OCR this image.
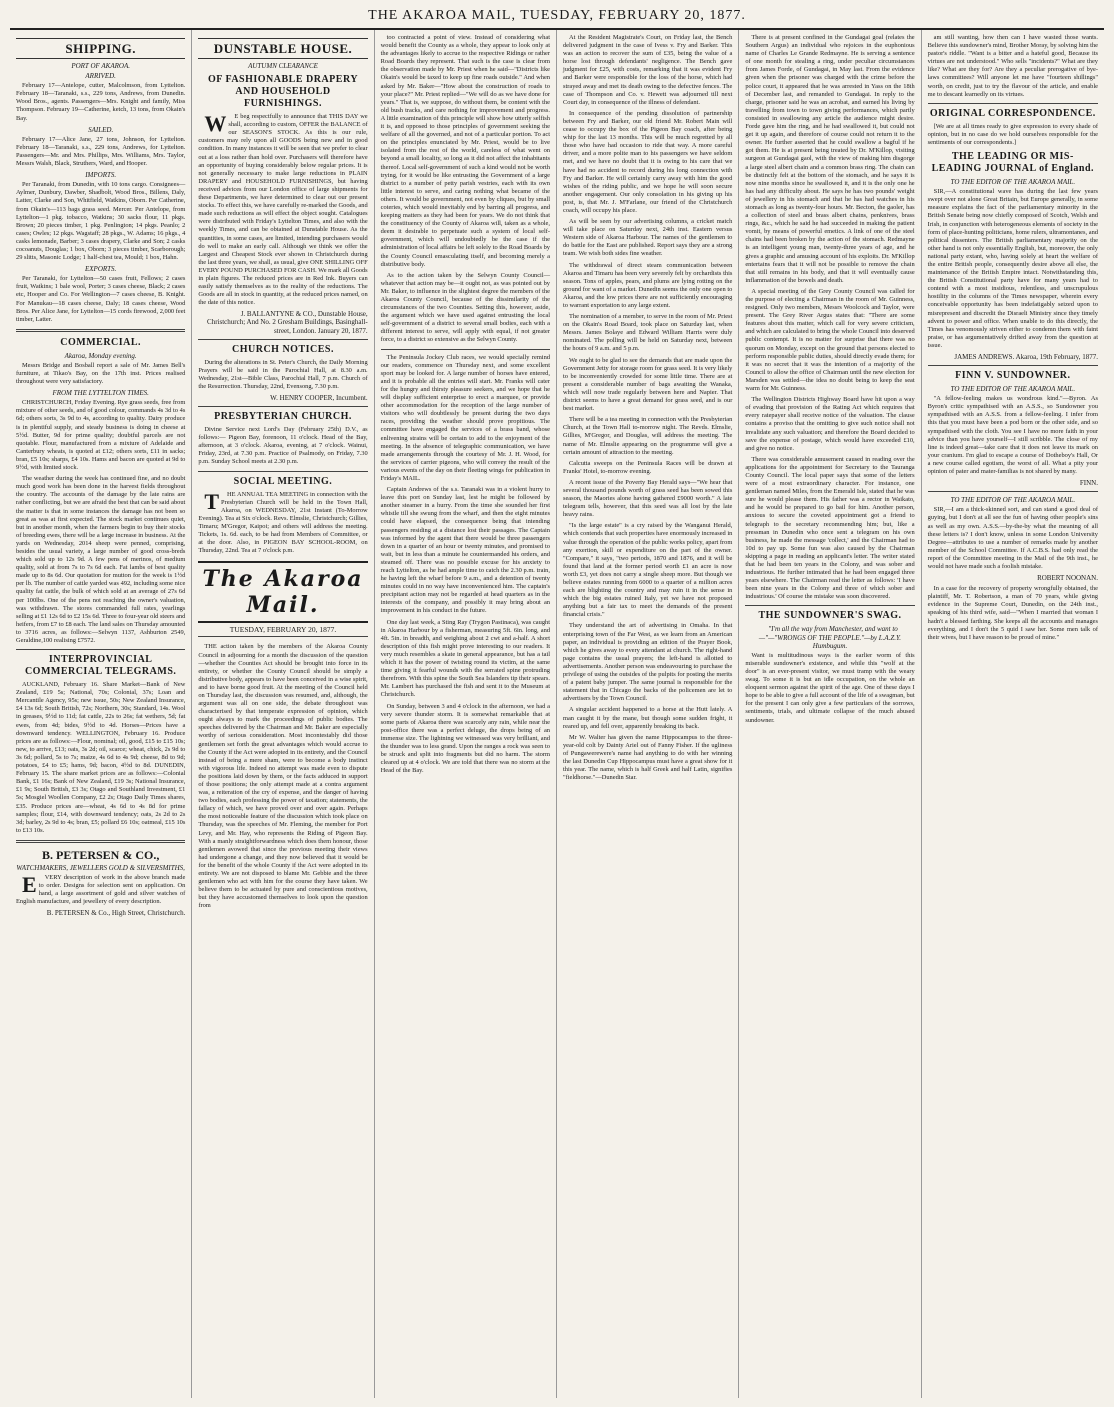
THE AKAROA MAIL, TUESDAY, FEBRUARY 20, 1877.
SHIPPING.
PORT OF AKAROA.
ARRIVED.

February 17—Antelope, cutter, Malcolmson, from Lyttelton. February 18—Taranaki, s.s., 229 tons, Andrews, from Dunedin. Wood Bros., agents. Passengers—Mrs. Knight and family, Miss Thompson. February 19—Catherine, ketch, 13 tons, from Okain's Bay.

SAILED.

February 17—Alice Jane, 27 tons, Johnson, for Lyttelton. February 18—Taranaki, s.s., 229 tons, Andrews, for Lyttelton. Passengers—Mr. and Mrs. Phillips, Mrs. Williams, Mrs. Taylor, Messrs Walsh, Black, Struthers, Ward, and Hooper.

IMPORTS.

Per Taranaki, from Dunedin, with 10 tons cargo. Consignees—Aylmer, Dunbury, Dawber, Shadbolt, Wood Bros., Billens, Daly, Latter, Clarke and Son, Whitfield, Watkins, Oborn. Per Catherine, from Okain's—113 bags grass seed. Mercer. Per Antelope, from Lyttelton—1 pkg. tobacco, Watkins; 30 sacks flour, 11 pkgs. Brown; 20 pieces timber, 1 pkg. Penlington; 14 pkgs. Peanlo; 2 cases; Owles; 12 pkgs. Wagstaff; 28 pkgs., W. Adams; 16 pkgs., 4 casks lemonade, Barber; 3 cases drapery, Clarke and Son; 2 casks cocoanuts, Douglas; 1 box, Oborn; 3 pieces timber, Scarborough; 29 slitts, Masonic Lodge; 1 half-chest tea, Mould; 1 box, Hahn.

EXPORTS.

Per Taranaki, for Lyttelton—50 cases fruit, Fellows; 2 cases fruit, Watkins; 1 bale wool, Porter; 3 cases cheese, Black; 2 cases etc, Hooper and Co. For Wellington—7 cases cheese, B. Knight. For Manukau—18 cases cheese, Daly; 18 cases cheese, Wood Bros. Per Alice Jane, for Lyttelton—15 cords firewood, 2,000 feet timber, Latter.

COMMERCIAL.
Akaroa, Monday evening.

Messrs Bridge and Bosball report a sale of Mr. James Bell's furniture, at Tikao's Bay, on the 17th inst. Prices realised throughout were very satisfactory.

FROM THE LYTTELTON TIMES.

CHRISTCHURCH, Friday Evening. Rye grass seeds, free from mixture of other seeds, and of good colour, commands 4s 3d to 4s 6d; others sorts, 3s 9d to 4s, according to quality. Dairy produce is in plentiful supply, and steady business is doing in cheese at 5½d. Butter, 9d for prime quality; doubtful parcels are not quotable. Flour, manufactured from a mixture of Adelaide and Canterbury wheats, is quoted at £12; others sorts, £11 in sacks; bran, £5 10s; sharps, £4 10s. Hams and bacon are quoted at 9d to 9½d, with limited stock.

The weather during the week has continued fine, and no doubt much good work has been done in the harvest fields throughout the country. The accounts of the damage by the late rains are rather conflicting, but we are afraid the best that can be said about the matter is that in some instances the damage has not been so great as was at first expected. The stock market continues quiet, but in another month, when the farmers begin to buy their stocks of breeding ewes, there will be a large increase in business. At the yards on Wednesday, 2014 sheep were penned, comprising, besides the usual variety, a large number of good cross-breds which sold up to 12s 9d. A few pens of merinos, of medium quality, sold at from 7s to 7s 6d each. Fat lambs of best quality made up to 8s 6d. Our quotation for mutton for the week is 1½d per lb. The number of cattle yarded was 492, including some nice quality fat cattle, the bulk of which sold at an average of 27s 6d per 100lbs. One of the pens not reaching the owner's valuation, was withdrawn. The stores commanded full rates, yearlings selling at £1 12s 6d to £2 15s 6d. Three to four-year old steers and heifers, from £7 to £8 each. The land sales on Thursday amounted to 3716 acres, as follows:—Selwyn 1137, Ashburton 2549, Geraldine,100 realising £7572.

INTERPROVINCIAL COMMERCIAL TELEGRAMS.

AUCKLAND, February 16. Share Market—Bank of New Zealand, £19 5s; National, 70s; Colonial, 37s; Loan and Mercantile Agency, 95s; new issue, 50s; New Zealand Insurance, £4 13s 6d; South British, 72s; Northern, 30s; Standard, 14s. Wool in greases, 9½d to 11d; fat cattle, 22s to 26s; fat wethers, 5d; fat ewes, from 4d; bides, 9½d to 4d. Horses—Prices have a downward tendency. WELLINGTON, February 16. Produce prices are as follows:—Flour, nominal; oil, good, £15 to £15 10s; new, to arrive, £13; oats, 3s 2d; oil, scarce; wheat, chick, 2s 9d to 3s 6d; pollard, 5s to 7s; maize, 4s 6d to 4s 9d; cheese, 8d to 9d; potatoes, £4 to £5; hams, 9d; bacon, 4½d to 8d. DUNEDIN, February 15. The share market prices are as follows:—Colonial Bank, £1 16s; Bank of New Zealand, £19 3s; National Insurance, £1 9s; South British, £3 3s; Otago and Southland Investment, £1 5s; Mosgiel Woollen Company, £2 2s; Otago Daily Times shares, £35. Produce prices are—wheat, 4s 6d to 4s 8d for prime samples; flour, £14, with downward tendency; oats, 2s 2d to 2s 3d; barley, 2s 9d to 4s; bran, £5; pollard £6 10s; oatmeal, £15 10s to £13 10s.

B. PETERSEN & CO.,
WATCHMAKERS, JEWELLERS GOLD & SILVERSMITHS,

E VERY description of work in the above branch made to order. Designs for selection sent on application. On hand, a large assortment of gold and silver watches of English manufacture, and jewellery of every description.

B. PETERSEN & Co., High Street, Christchurch.

DUNSTABLE HOUSE.
AUTUMN CLEARANCE
OF FASHIONABLE DRAPERY AND HOUSEHOLD FURNISHINGS.

W E beg respectfully to announce that THIS DAY we shall, according to custom, OFFER the BALANCE of our SEASON'S STOCK. As this is our rule, customers may rely upon all GOODS being new and in good condition. In many instances it will be seen that we prefer to clear out at a loss rather than hold over. Purchasers will therefore have an opportunity of buying considerably below regular prices. It is not generally necessary to make large reductions in PLAIN DRAPERY and HOUSEHOLD FURNISHINGS, but having received advices from our London office of large shipments for these Departments, we have determined to clear out our present stocks. To effect this, we have carefully re-marked the Goods, and made such reductions as will effect the object sought. Catalogues were distributed with Friday's Lyttelton Times, and also with the weekly Times, and can be obtained at Dunstable House. As the quantities, in some cases, are limited, intending purchasers would do well to make an early call. Although we think we offer the Largest and Cheapest Stock ever shown in Christchurch during the last three years, we shall, as usual, give ONE SHILLING OFF EVERY POUND PURCHASED FOR CASH. We mark all Goods in plain figures. The reduced prices are in Red Ink. Buyers can easily satisfy themselves as to the reality of the reductions. The Goods are all in stock in quantity, at the reduced prices named, on the date of this notice.

J. BALLANTYNE & CO., Dunstable House, Christchurch; And No. 2 Gresham Buildings, Basinghall-street, London. January 20, 1877.

CHURCH NOTICES.

During the alterations in St. Peter's Church, the Daily Morning Prayers will be said in the Parochial Hall, at 8.30 a.m. Wednesday, 21st—Bible Class, Parochial Hall, 7 p.m. Church of the Resurrection. Thursday, 22nd, Evensong, 7.30 p.m.

W. HENRY COOPER, Incumbent.

PRESBYTERIAN CHURCH.

Divine Service next Lord's Day (February 25th) D.V., as follows:— Pigeon Bay, forenoon, 11 o'clock. Head of the Bay, afternoon, at 3 o'clock. Akaroa, evening, at 7 o'clock. Wainui, Friday, 23rd, at 7.30 p.m. Practice of Psalmody, on Friday, 7.30 p.m. Sunday School meets at 2.30 p.m.

SOCIAL MEETING.

T HE ANNUAL TEA MEETING in connection with the Presbyterian Church will be held in the Town Hall, Akaroa, on WEDNESDAY, 21st Instant (To-Morrow Evening). Tea at Six o'clock. Revs. Elmslie, Christchurch; Gillies, Timaru; M'Gregor, Kaipoi; and others will address the meeting. Tickets, 1s. 6d. each, to be had from Members of Committee, or at the door. Also, in PIGEON BAY SCHOOL-ROOM, on Thursday, 22nd. Tea at 7 o'clock p.m.

The Akaroa Mail.
TUESDAY, FEBRUARY 20, 1877.

THE action taken by the members of the Akaroa County Council in adjourning for a month the discussion of the question—whether the Counties Act should be brought into force in its entirety, or whether the County Council should be simply a distributive body, appears to have been conceived in a wise spirit, and to have borne good fruit. At the meeting of the Council held on Thursday last, the discussion was resumed, and, although, the argument was all on one side, the debate throughout was characterised by that temperate expression of opinion, which ought always to mark the proceedings of public bodies. The speeches delivered by the Chairman and Mr. Baker are especially worthy of serious consideration. Most incontestably did those gentlemen set forth the great advantages which would accrue to the County if the Act were adopted in its entirety, and the Council instead of being a mere sham, were to become a body instinct with vigorous life. Indeed no attempt was made even to dispute the positions laid down by them, or the facts adduced in support of those positions; the only attempt made at a contra argument was, a reiteration of the cry of expense, and the danger of having two bodies, each professing the power of taxation; statements, the fallacy of which, we have proved over and over again. Perhaps the most noticeable feature of the discussion which took place on Thursday, was the speeches of Mr. Fleming, the member for Port Levy, and Mr. Hay, who represents the Riding of Pigeon Bay. With a manly straightforwardness which does them honour, those gentlemen avowed that since the previous meeting their views had undergone a change, and they now believed that it would be for the benefit of the whole County if the Act were adopted in its entirety. We are not disposed to blame Mr. Gebbie and the three gentlemen who act with him for the course they have taken. We believe them to be actuated by pure and conscientious motives, but they have accustomed themselves to look upon the question from

too contracted a point of view. Instead of considering what would benefit the County as a whole, they appear to look only at the advantages likely to accrue to the respective Ridings or rather Road Boards they represent. That such is the case is clear from the observation made by Mr. Priest when he said—"Districts like Okain's would be taxed to keep up fine roads outside." And when asked by Mr. Baker—"How about the construction of roads to your place?" Mr. Priest replied—"We will do as we have done for years." That is, we suppose, do without them, be content with the old bush tracks, and care nothing for improvement and progress. A little examination of this principle will show how utterly selfish it is, and opposed to those principles of government seeking the welfare of all the governed, and not of a particular portion. To act on the principles enunciated by Mr. Priest, would be to live isolated from the rest of the world, careless of what went on beyond a small locality, so long as it did not affect the inhabitants thereof. Local self-government of such a kind would not be worth trying, for it would be like entrusting the Government of a large district to a number of petty parish vestries, each with its own little interest to serve, and caring nothing what became of the others. It would be government, not even by cliques, but by small coteries, which would inevitably end by barring all progress, and keeping matters as they had been for years. We do not think that the constituency of the County of Akaroa will, taken as a whole, deem it desirable to perpetuate such a system of local self-government, which will undoubtedly be the case if the administration of local affairs be left solely to the Road Boards by the County Council emasculating itself, and becoming merely a distributive body.

As to the action taken by the Selwyn County Council—whatever that action may be—it ought not, as was pointed out by Mr. Baker, to influence in the slightest degree the members of the Akaroa County Council, because of the dissimilarity of the circumstances of the two Counties. Setting this, however, aside, the argument which we have used against entrusting the local self-government of a district to several small bodies, each with a different interest to serve, will apply with equal, if not greater force, to a district so extensive as the Selwyn County.

The Peninsula Jockey Club races, we would specially remind our readers, commence on Thursday next, and some excellent sport may be looked for. A large number of horses have entered, and it is probable all the entries will start. Mr. Franks will cater for the hungry and thirsty pleasure seekers, and we hope that he will display sufficient enterprise to erect a marquee, or provide other accommodation for the reception of the large number of visitors who will doubtlessly be present during the two days races, providing the weather should prove propitious. The committee have engaged the services of a brass band, whose enlivening strains will be certain to add to the enjoyment of the meeting. In the absence of telegraphic communication, we have made arrangements through the courtesy of Mr. J. H. Wood, for the services of carrier pigeons, who will convey the result of the various events of the day on their fleeting wings for publication in Friday's MAIL.

Captain Andrews of the s.s. Taranaki was in a violent hurry to leave this port on Sunday last, lest he might be followed by another steamer in a hurry. From the time she sounded her first whistle till she swung from the wharf, and then the eight minutes could have elapsed, the consequence being that intending passengers residing at a distance lost their passages. The Captain was informed by the agent that there would be three passengers down in a quarter of an hour or twenty minutes, and promised to wait, but in less than a minute he countermanded his orders, and steamed off. There was no possible excuse for his anxiety to reach Lyttelton, as he had ample time to catch the 2.30 p.m. train, he having left the wharf before 9 a.m., and a detention of twenty minutes could in no way have inconvenienced him. The captain's precipitant action may not be regarded at head quarters as in the interests of the company, and possibly it may bring about an improvement in his conduct in the future.

One day last week, a Sting Ray (Trygon Pastinaca), was caught in Akaroa Harbour by a fisherman, measuring 5ft. 6in. long, and 4ft. 5in. in breadth, and weighing about 2 cwt and a-half. A short description of this fish might prove interesting to our readers. It very much resembles a skate in general appearance, but has a tail which it has the power of twisting round its victim, at the same time giving it fearful wounds with the serrated spine protruding therefrom. With this spine the South Sea Islanders tip their spears. Mr. Lambert has purchased the fish and sent it to the Museum at Christchurch.

On Sunday, between 3 and 4 o'clock in the afternoon, we had a very severe thunder storm. It is somewhat remarkable that at some parts of Akaroa there was scarcely any rain, while near the post-office there was a perfect deluge, the drops being of an immense size. The lightning we witnessed was very brilliant, and the thunder was to less grand. Upon the ranges a rock was seen to be struck and split into fragments but did no harm. The storm cleared up at 4 o'clock. We are told that there was no storm at the Head of the Bay.

At the Resident Magistrate's Court, on Friday last, the Bench delivered judgment in the case of Ivess v. Fry and Barker. This was an action to recover the sum of £35, being the value of a horse lost through defendants' negligence. The Bench gave judgment for £25, with costs, remarking that it was evident Fry and Barker were responsible for the loss of the horse, which had strayed away and met its death owing to the defective fences. The case of Thompson and Co. v. Hewett was adjourned till next Court day, in consequence of the illness of defendant.

In consequence of the pending dissolution of partnership between Fry and Barker, our old friend Mr. Robert Main will cease to occupy the box of the Pigeon Bay coach, after being whip for the last 13 months. This will be much regretted by all those who have had occasion to ride that way. A more careful driver, and a more polite man to his passengers we have seldom met, and we have no doubt that it is owing to his care that we have had no accident to record during his long connection with Fry and Barker. He will certainly carry away with him the good wishes of the riding public, and we hope he will soon secure another engagement. Our only consolation in his giving up his post, is, that Mr. J. M'Farlane, our friend of the Christchurch coach, will occupy his place.

As will be seen by our advertising columns, a cricket match will take place on Saturday next, 24th inst. Eastern versus Western side of Akaroa Harbour. The names of the gentlemen to do battle for the East are published. Report says they are a strong team. We wish both sides fine weather.

The withdrawal of direct steam communication between Akaroa and Timaru has been very severely felt by orchardists this season. Tons of apples, pears, and plums are lying rotting on the ground for want of a market. Dunedin seems the only one open to Akaroa, and the low prices there are not sufficiently encouraging to warrant exportation to any large extent.

The nomination of a member, to serve in the room of Mr. Priest on the Okain's Road Board, took place on Saturday last, when Messrs. James Bolaye and Edward William Harris were duly nominated. The polling will be held on Saturday next, between the hours of 9 a.m. and 5 p.m.

We ought to be glad to see the demands that are made upon the Government Jetty for storage room for grass seed. It is very likely to be inconveniently crowded for some little time. There are at present a considerable number of bags awaiting the Wanaka, which will now trade regularly between here and Napier. That district seems to have a great demand for grass seed, and is our best market.

There will be a tea meeting in connection with the Presbyterian Church, at the Town Hall to-morrow night. The Revds. Elmslie, Gillies, M'Gregor, and Douglas, will address the meeting. The name of Mr. Elmslie appearing on the programme will give a certain amount of attraction to the meeting.

Calcutta sweeps on the Peninsula Races will be drawn at Franks' Hotel, to-morrow evening.

A recent issue of the Poverty Bay Herald says—"We hear that several thousand pounds worth of grass seed has been sowed this season, the Maories alone having gathered £9000 worth." A late telegram tells, however, that this seed was all lost by the late heavy rains.

"Is the large estate" is a cry raised by the Wanganui Herald, which contends that such properties have enormously increased in value through the operation of the public works policy, apart from any exertion, skill or expenditure on the part of the owner. "Compare," it says, "two periods, 1870 and 1876, and it will be found that land at the former period worth £1 an acre is now worth £3, yet does not carry a single sheep more. But though we believe estates running from 6000 to a quarter of a million acres each are blighting the country and may ruin it in the sense in which the big estates ruined Italy, yet we have not proposed anything but a fair tax to meet the demands of the present financial crisis."

They understand the art of advertising in Omaha. In that enterprising town of the Far West, as we learn from an American paper, an individual is providing an edition of the Prayer Book, which he gives away to every attendant at church. The right-hand page contains the usual prayers; the left-hand is allotted to advertisements. Another person was endeavouring to purchase the privilege of using the outsides of the pulpits for posting the merits of a patent baby jumper. The same journal is responsible for the statement that in Chicago the backs of the policemen are let to advertisers by the Town Council.

A singular accident happened to a horse at the Hutt lately. A man caught it by the mane, but though some sudden fright, it reared up, and fell over, apparently breaking its back.

Mr W. Walter has given the name Hippocampus to the three-year-old colt by Dainty Ariel out of Fanny Fisher. If the ugliness of Pungawerewere's name had anything to do with her winning the last Dunedin Cup Hippocampus must have a great show for it this year. The name, which is half Greek and half Latin, signifies "fieldhorse."—Dunedin Star.

There is at present confined in the Gundagai goal (relates the Southern Argus) an individual who rejoices in the euphonious name of Charles Le Grande Redmayne. He is serving a sentence of one month for stealing a ring, under peculiar circumstances from James Forde, of Gundagai, in May last. From the evidence given when the prisoner was charged with the crime before the police court, it appeared that he was arrested in Yass on the 18th of December last, and remanded to Gundagai. In reply to the charge, prisoner said he was an acrobat, and earned his living by travelling from town to town giving performances, which partly consisted in swallowing any article the audience might desire. Forde gave him the ring, and he had swallowed it, but could not get it up again, and therefore of course could not return it to the owner. He further asserted that he could swallow a bagful if he got them. He is at present being treated by Dr. M'Killop, visiting surgeon at Gundagai gaol, with the view of making him disgorge a large steel albert chain and a common brass ring. The chain can be distinctly felt at the bottom of the stomach, and he says it is now nine months since he swallowed it, and it is the only one he has had any difficulty about. He says he has two pounds' weight of jewellery in his stomach and that he has had watches in his stomach as long as twenty-four hours. Mr. Becton, the gaoler, has a collection of steel and brass albert chains, penknives, brass rings, &c., which he said he had succeeded in making the patient vomit, by means of powerful emetics. A link of one of the steel chains had been broken by the action of the stomach. Redmayne is an intelligent young man, twenty-three years of age, and he gives a graphic and amusing account of his exploits. Dr. M'Killop entertains fears that it will not be possible to remove the chain that still remains in his body, and that it will eventually cause inflammation of the bowels and death.

A special meeting of the Grey County Council was called for the purpose of electing a Chairman in the room of Mr. Guinness, resigned. Only two members, Messrs Woolcock and Taylor, were present. The Grey River Argus states that: "There are some features about this matter, which call for very severe criticism, and which are calculated to bring the whole Council into deserved public contempt. It is no matter for surprise that there was no quorum on Monday, except on the ground that persons elected to perform responsible public duties, should directly evade them; for it was no secret that it was the intention of a majority of the Council to allow the office of Chairman until the new election for Marsden was settled—the idea no doubt being to keep the seat warm for Mr. Guinness.

The Wellington Districts Highway Board have hit upon a way of evading that provision of the Rating Act which requires that every ratepayer shall receive notice of the valuation. The clause contains a proviso that the omitting to give such notice shall not invalidate any such valuation; and therefore the Board decided to save the expense of postage, which would have exceeded £10, and give no notice.

There was considerable amusement caused in reading over the applications for the appointment for Secretary to the Tauranga County Council. The local paper says that some of the letters were of a most extraordinary character. For instance, one gentleman named Miles, from the Emerald Isle, stated that he was sure he would please them. His father was a rector in Waikato, and he would be prepared to go bail for him. Another person, anxious to secure the coveted appointment got a friend to telegraph to the secretary recommending him; but, like a pressman in Dunedin who once sent a telegram on his own business, he made the message 'collect,' and the Chairman had to 10d to pay up. Some fun was also caused by the Chairman skipping a page in reading an applicant's letter. The writer stated that he had been ten years in the Colony, and was sober and industrious. He further intimated that he had been engaged three years elsewhere. The Chairman read the letter as follows: 'I have been nine years in the Colony and three of which sober and industrious.' Of course the mistake was soon discovered.

THE SUNDOWNER'S SWAG.

"I'm all the way from Manchester, and want to—"—"WRONGS OF THE PEOPLE."—by L.A.Z.Y. Humbugum.

Want is multitudinous ways is the earlier worm of this miserable sundowner's existence, and while this "wolf at the door" is an ever-present visitor, we must tramp with the weary swag. To some it is but an idle occupation, on the whole an eloquent sermon against the spirit of the age. One of these days I hope to be able to give a full account of the life of a swagman, but for the present I can only give a few particulars of the sorrows, sentiments, trials, and ultimate collapse of the much abused sundowner.

am still wanting, how then can I have wasted those wants. Believe this sundowner's mind, Brother Moray, by solving him the pastor's riddle. "Want is a bitter and a hateful good, Because its virtues are not understood." Who sells "incidents?" What are they like? What are they for? Are they a peculiar prerogative of bye-laws committees? Will anyone let me have "fourteen shillings" worth, on credit, just to try the flavour of the article, and enable me to descant learnedly on its virtues.

ORIGINAL CORRESPONDENCE.

[We are at all times ready to give expression to every shade of opinion, but in no case do we hold ourselves responsible for the sentiments of our correspondents.]

THE LEADING OR MIS-LEADING JOURNAL of England.
TO THE EDITOR OF THE AKAROA MAIL.

SIR,—A constitutional wave has during the last few years swept over not alone Great Britain, but Europe generally, in some measure explains the fact of the parliamentary minority in the British Senate being now chiefly composed of Scotch, Welsh and Irish, in conjunction with heterogeneous elements of society in the form of place-hunting politicians, home rulers, ultramontanes, and political dissenters. The British parliamentary majority on the other hand is not only essentially English, but, moreover, the only national party extant, who, having solely at heart the welfare of the entire British people, consequently desire above all else, the maintenance of the British Empire intact. Notwithstanding this, the British Constitutional party have for many years had to contend with a most insidious, relentless, and unscrupulous hostility in the columns of the Times newspaper, wherein every conceivable opportunity has been indefatigably seized upon to misrepresent and discredit the Disraeli Ministry since they timely advent to power and office. When unable to do this directly, the Times has venomously striven either to condemn them with faint praise, or has argumentatively drifted away from the question at issue.

JAMES ANDREWS. Akaroa, 19th February, 1877.

FINN V. SUNDOWNER.
TO THE EDITOR OF THE AKAROA MAIL.

"A fellow-feeling makes us wondrous kind."—Byron. As Byron's critic sympathised with an A.S.S., so Sundowner you sympathised with an A.S.S. from a fellow-feeling. I infer from this that you must have been a pod born or the other side, and so sympathised with the cloth. You see I have no more faith in your advice than you have yourself—I still scribble. The close of my line is indeed great—take care that it does not leave its mark on your cranium. I'm glad to escape a course of Dotheboy's Hall, Or a new course called egotism, the worst of all. What a pity your opinion of pater and mater-familias is not shared by many.

FINN.

TO THE EDITOR OF THE AKAROA MAIL.

SIR,—I am a thick-skinned sort, and can stand a good deal of guying, but I don't at all see the fun of having other people's sins as well as my own. A.S.S.—by-the-by what the meaning of all these letters is? I don't know, unless in some London University Degree—attributes to use a number of remarks made by another member of the School Committee. If A.C.B.S. had only read the report of the Committee meeting in the Mail of the 9th inst., he would not have made such a foolish mistake.

ROBERT NOONAN.

In a case for the recovery of property wrongfully obtained, the plaintiff, Mr. T. Robertson, a man of 70 years, while giving evidence in the Supreme Court, Dunedin, on the 24th inst., speaking of his third wife, said—"When I married that woman I hadn't a blessed farthing. She keeps all the accounts and manages everything, and I don't the 5 quid I saw her. Some men talk of their wives, but I have reason to be proud of mine."
